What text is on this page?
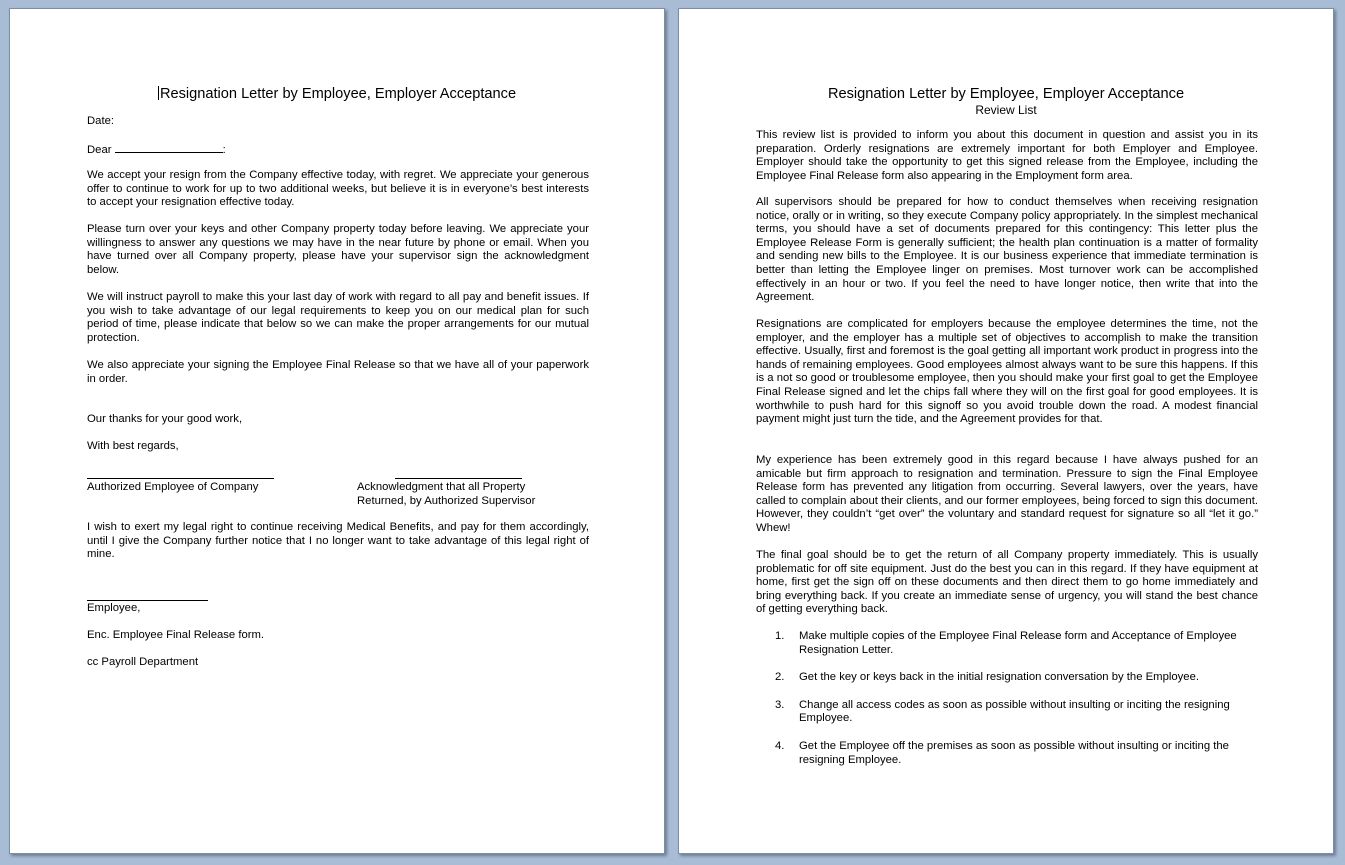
Resignation Letter by Employee, Employer Acceptance
Date:
Dear	:

We accept your resign from the Company effective today, with regret. We appreciate your generous offer to continue to work for up to two additional weeks, but believe it is in everyone’s best interests to accept your resignation effective today.

Please turn over your keys and other Company property today before leaving. We appreciate your willingness to answer any questions we may have in the near future by phone or email. When you have turned over all Company property, please have your supervisor sign the acknowledgment below.

We will instruct payroll to make this your last day of work with regard to all pay and benefit issues. If you wish to take advantage of our legal requirements to keep you on our medical plan for such period of time, please indicate that below so we can make the proper arrangements for our mutual protection.

We also appreciate your signing the Employee Final Release so that we have all of your paperwork in order.

Our thanks for your good work,
With best regards,
Authorized Employee of Company	Acknowledgment that all Property
Returned, by Authorized Supervisor

I wish to exert my legal right to continue receiving Medical Benefits, and pay for them accordingly, until I give the Company further notice that I no longer want to take advantage of this legal right of mine.

Employee,
Enc. Employee Final Release form.
cc Payroll Department
Resignation Letter by Employee, Employer Acceptance
Review List

This review list is provided to inform you about this document in question and assist you in its preparation. Orderly resignations are extremely important for both Employer and Employee. Employer should take the opportunity to get this signed release from the Employee, including the Employee Final Release form also appearing in the Employment form area.

All supervisors should be prepared for how to conduct themselves when receiving resignation notice, orally or in writing, so they execute Company policy appropriately. In the simplest mechanical terms, you should have a set of documents prepared for this contingency: This letter plus the Employee Release Form is generally sufficient; the health plan continuation is a matter of formality and sending new bills to the Employee. It is our business experience that immediate termination is better than letting the Employee linger on premises. Most turnover work can be accomplished effectively in an hour or two. If you feel the need to have longer notice, then write that into the Agreement.

Resignations are complicated for employers because the employee determines the time, not the employer, and the employer has a multiple set of objectives to accomplish to make the transition effective. Usually, first and foremost is the goal getting all important work product in progress into the hands of remaining employees. Good employees almost always want to be sure this happens. If this is a not so good or troublesome employee, then you should make your first goal to get the Employee Final Release signed and let the chips fall where they will on the first goal for good employees. It is worthwhile to push hard for this signoff so you avoid trouble down the road. A modest financial payment might just turn the tide, and the Agreement provides for that.

My experience has been extremely good in this regard because I have always pushed for an amicable but firm approach to resignation and termination. Pressure to sign the Final Employee Release form has prevented any litigation from occurring. Several lawyers, over the years, have called to complain about their clients, and our former employees, being forced to sign this document. However, they couldn’t “get over” the voluntary and standard request for signature so all “let it go.” Whew!

The final goal should be to get the return of all Company property immediately. This is usually problematic for off site equipment. Just do the best you can in this regard. If they have equipment at home, first get the sign off on these documents and then direct them to go home immediately and bring everything back. If you create an immediate sense of urgency, you will stand the best chance of getting everything back.

1. Make multiple copies of the Employee Final Release form and Acceptance of Employee Resignation Letter.
2. Get the key or keys back in the initial resignation conversation by the Employee.
3. Change all access codes as soon as possible without insulting or inciting the resigning Employee.
4. Get the Employee off the premises as soon as possible without insulting or inciting the resigning Employee.
